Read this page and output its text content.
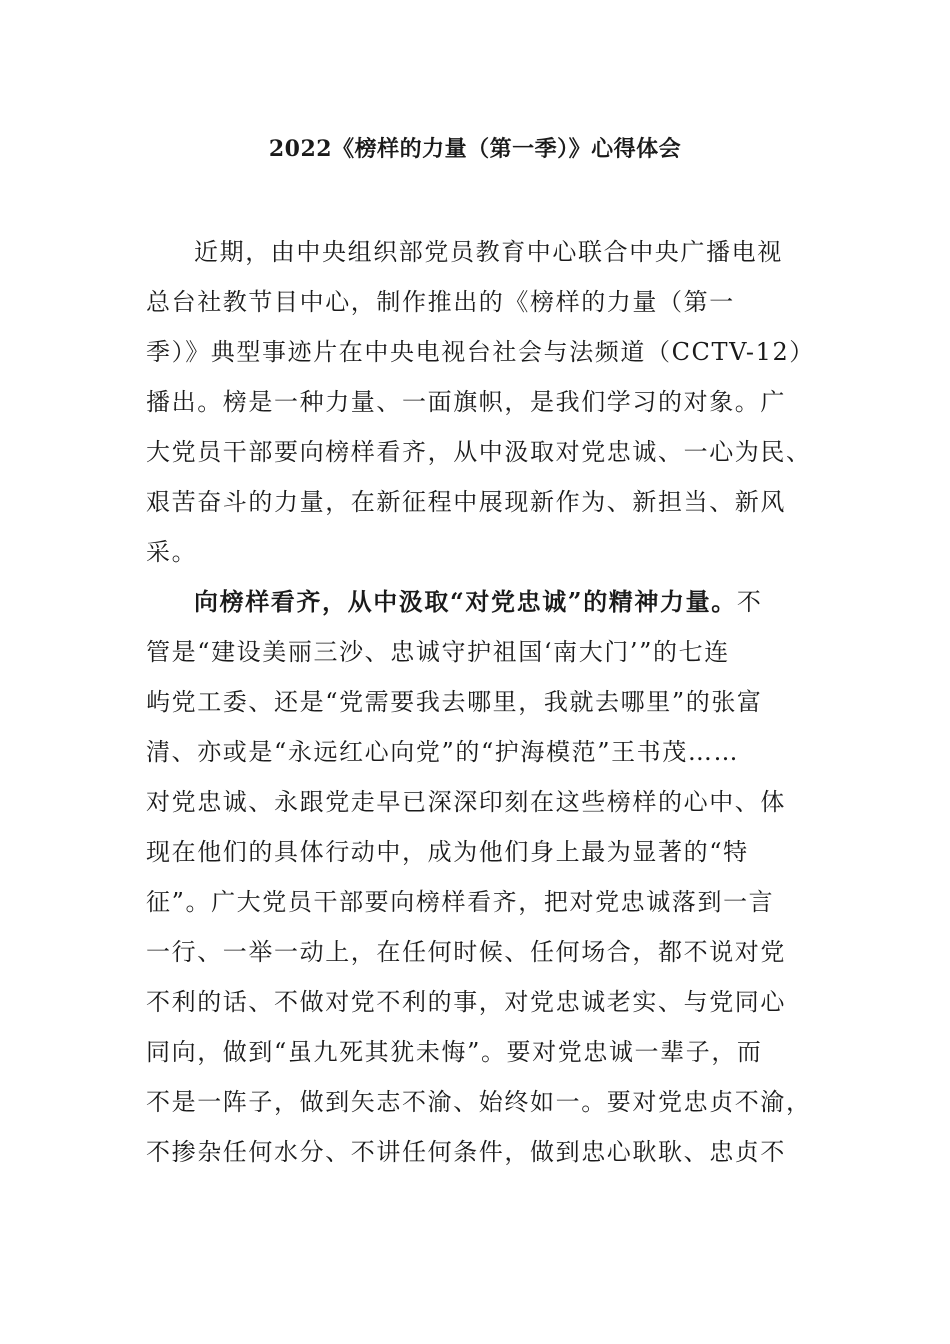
2022《榜样的力量（第一季）》心得体会
近期，由中央组织部党员教育中心联合中央广播电视
总台社教节目中心，制作推出的《榜样的力量（第一
季）》典型事迹片在中央电视台社会与法频道（CCTV-12）
播出。榜是一种力量、一面旗帜，是我们学习的对象。广
大党员干部要向榜样看齐，从中汲取对党忠诚、一心为民、
艰苦奋斗的力量，在新征程中展现新作为、新担当、新风
采。
向榜样看齐，从中汲取“对党忠诚”的精神力量。不
管是“建设美丽三沙、忠诚守护祖国‘南大门’”的七连
屿党工委、还是“党需要我去哪里，我就去哪里”的张富
清、亦或是“永远红心向党”的“护海模范”王书茂……
对党忠诚、永跟党走早已深深印刻在这些榜样的心中、体
现在他们的具体行动中，成为他们身上最为显著的“特
征”。广大党员干部要向榜样看齐，把对党忠诚落到一言
一行、一举一动上，在任何时候、任何场合，都不说对党
不利的话、不做对党不利的事，对党忠诚老实、与党同心
同向，做到“虽九死其犹未悔”。要对党忠诚一辈子，而
不是一阵子，做到矢志不渝、始终如一。要对党忠贞不渝，
不掺杂任何水分、不讲任何条件，做到忠心耿耿、忠贞不
